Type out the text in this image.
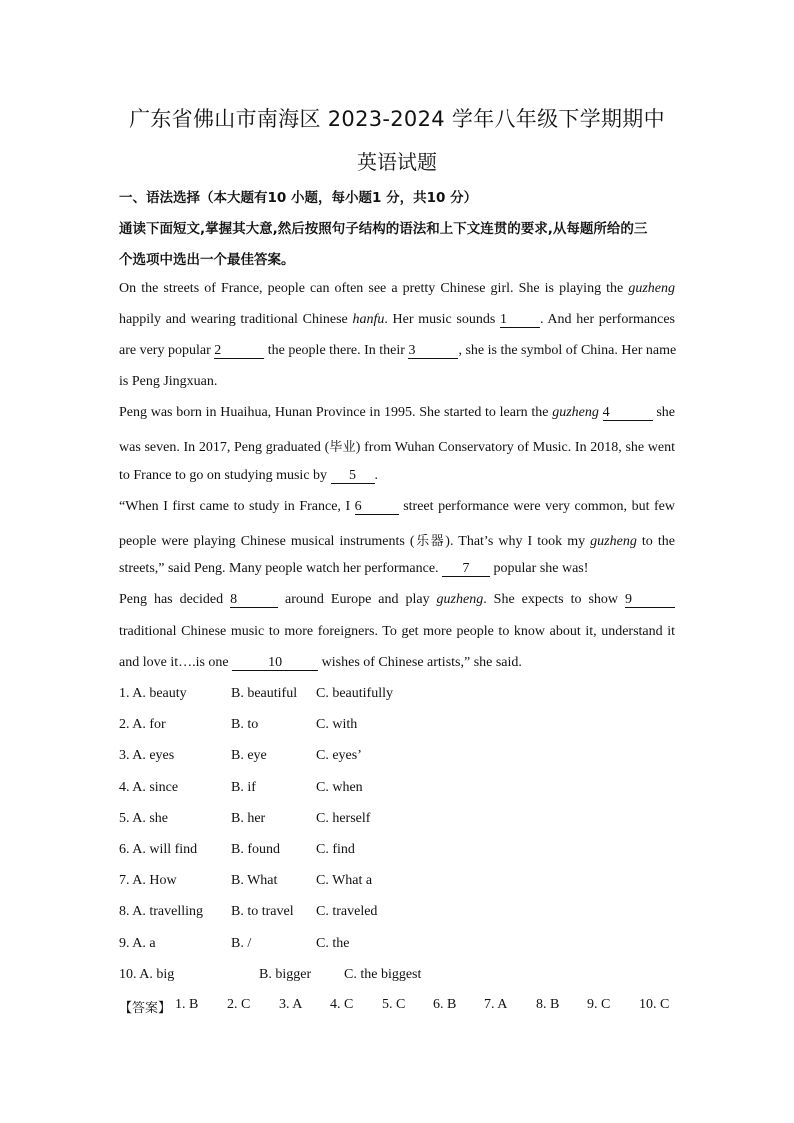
广东省佛山市南海区 2023-2024 学年八年级下学期期中
英语试题
一、语法选择（本大题有10 小题，每小题1 分，共10 分）
通读下面短文,掌握其大意,然后按照句子结构的语法和上下文连贯的要求,从每题所给的三
个选项中选出一个最佳答案。
On the streets of France, people can often see a pretty Chinese girl. She is playing the guzheng
happily and wearing traditional Chinese hanfu. Her music sounds 1 . And her performances
are very popular 2	the people there. In their 3	, she is the symbol of China. Her name
is Peng Jingxuan.
Peng was born in Huaihua, Hunan Province in 1995. She started to learn the guzheng 4	she
was seven. In 2017, Peng graduated (毕业) from Wuhan Conservatory of Music. In 2018, she went
to France to go on studying music by 5 .
“When I first came to study in France, I 6	street performance were very common, but few
people were playing Chinese musical instruments (乐器). That’s why I took my guzheng to the
streets,” said Peng. Many people watch her performance. 7 popular she was!
Peng has decided 8	around Europe and play guzheng. She expects to show 9
traditional Chinese music to more foreigners. To get more people to know about it, understand it
and love it….is one	10	wishes of Chinese artists,” she said.
1. A. beauty	B. beautiful C. beautifully
2. A. for	B. to	C. with
3. A. eyes	B. eye	C. eyes’
4. A. since	B. if	C. when
5. A. she	B. her	C. herself
6. A. will find B. found	C. find
7. A. How	B. What	C. What a
8. A. travelling B. to travel C. traveled
9. A. a	B. /	C. the
10. A. big	B. bigger C. the biggest
【答案】 1. B 2. C 3. A 4. C 5. C 6. B 7. A 8. B 9. C 10. C
